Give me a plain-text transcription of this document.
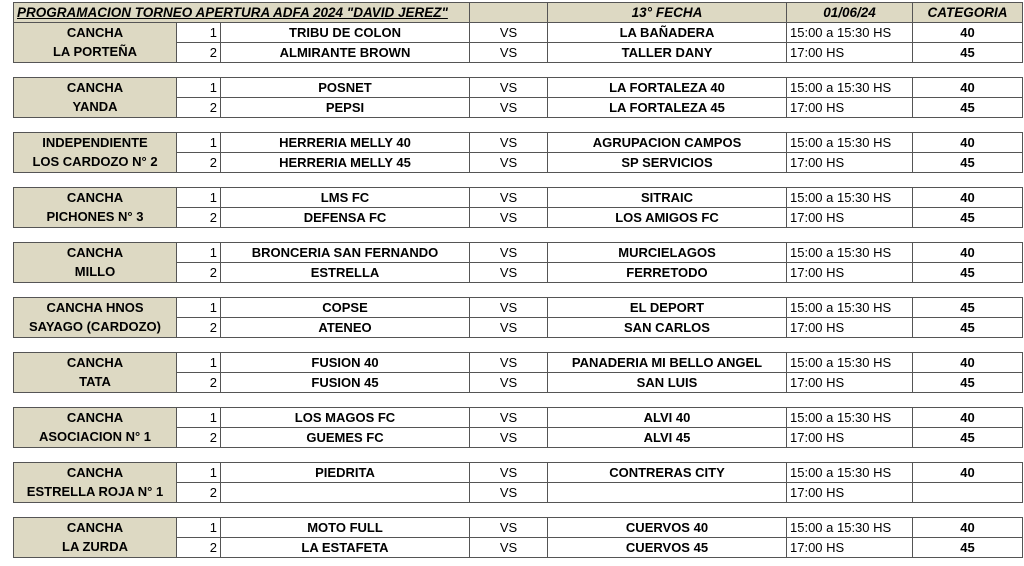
PROGRAMACION TORNEO APERTURA ADFA 2024 "DAVID JEREZ"				13° FECHA	01/06/24	CATEGORIA
CANCHA	1	TRIBU DE COLON	VS	LA BAÑADERA	15:00 a 15:30 HS	40
LA PORTEÑA	2	ALMIRANTE BROWN	VS	TALLER DANY	17:00 HS	45

CANCHA	1	POSNET	VS	LA FORTALEZA 40	15:00 a 15:30 HS	40
YANDA	2	PEPSI	VS	LA FORTALEZA 45	17:00 HS	45

INDEPENDIENTE	1	HERRERIA MELLY 40	VS	AGRUPACION CAMPOS	15:00 a 15:30 HS	40
LOS CARDOZO N° 2	2	HERRERIA MELLY 45	VS	SP SERVICIOS	17:00 HS	45

CANCHA	1	LMS FC	VS	SITRAIC	15:00 a 15:30 HS	40
PICHONES N° 3	2	DEFENSA FC	VS	LOS AMIGOS FC	17:00 HS	45

CANCHA	1	BRONCERIA SAN FERNANDO	VS	MURCIELAGOS	15:00 a 15:30 HS	40
MILLO	2	ESTRELLA	VS	FERRETODO	17:00 HS	45

CANCHA HNOS	1	COPSE	VS	EL DEPORT	15:00 a 15:30 HS	45
SAYAGO (CARDOZO)	2	ATENEO	VS	SAN CARLOS	17:00 HS	45

CANCHA	1	FUSION 40	VS	PANADERIA MI BELLO ANGEL	15:00 a 15:30 HS	40
TATA	2	FUSION 45	VS	SAN LUIS	17:00 HS	45

CANCHA	1	LOS MAGOS FC	VS	ALVI 40	15:00 a 15:30 HS	40
ASOCIACION N° 1	2	GUEMES FC	VS	ALVI 45	17:00 HS	45

CANCHA	1	PIEDRITA	VS	CONTRERAS CITY	15:00 a 15:30 HS	40
ESTRELLA ROJA N° 1	2		VS		17:00 HS	

CANCHA	1	MOTO FULL	VS	CUERVOS 40	15:00 a 15:30 HS	40
LA ZURDA	2	LA ESTAFETA	VS	CUERVOS 45	17:00 HS	45
